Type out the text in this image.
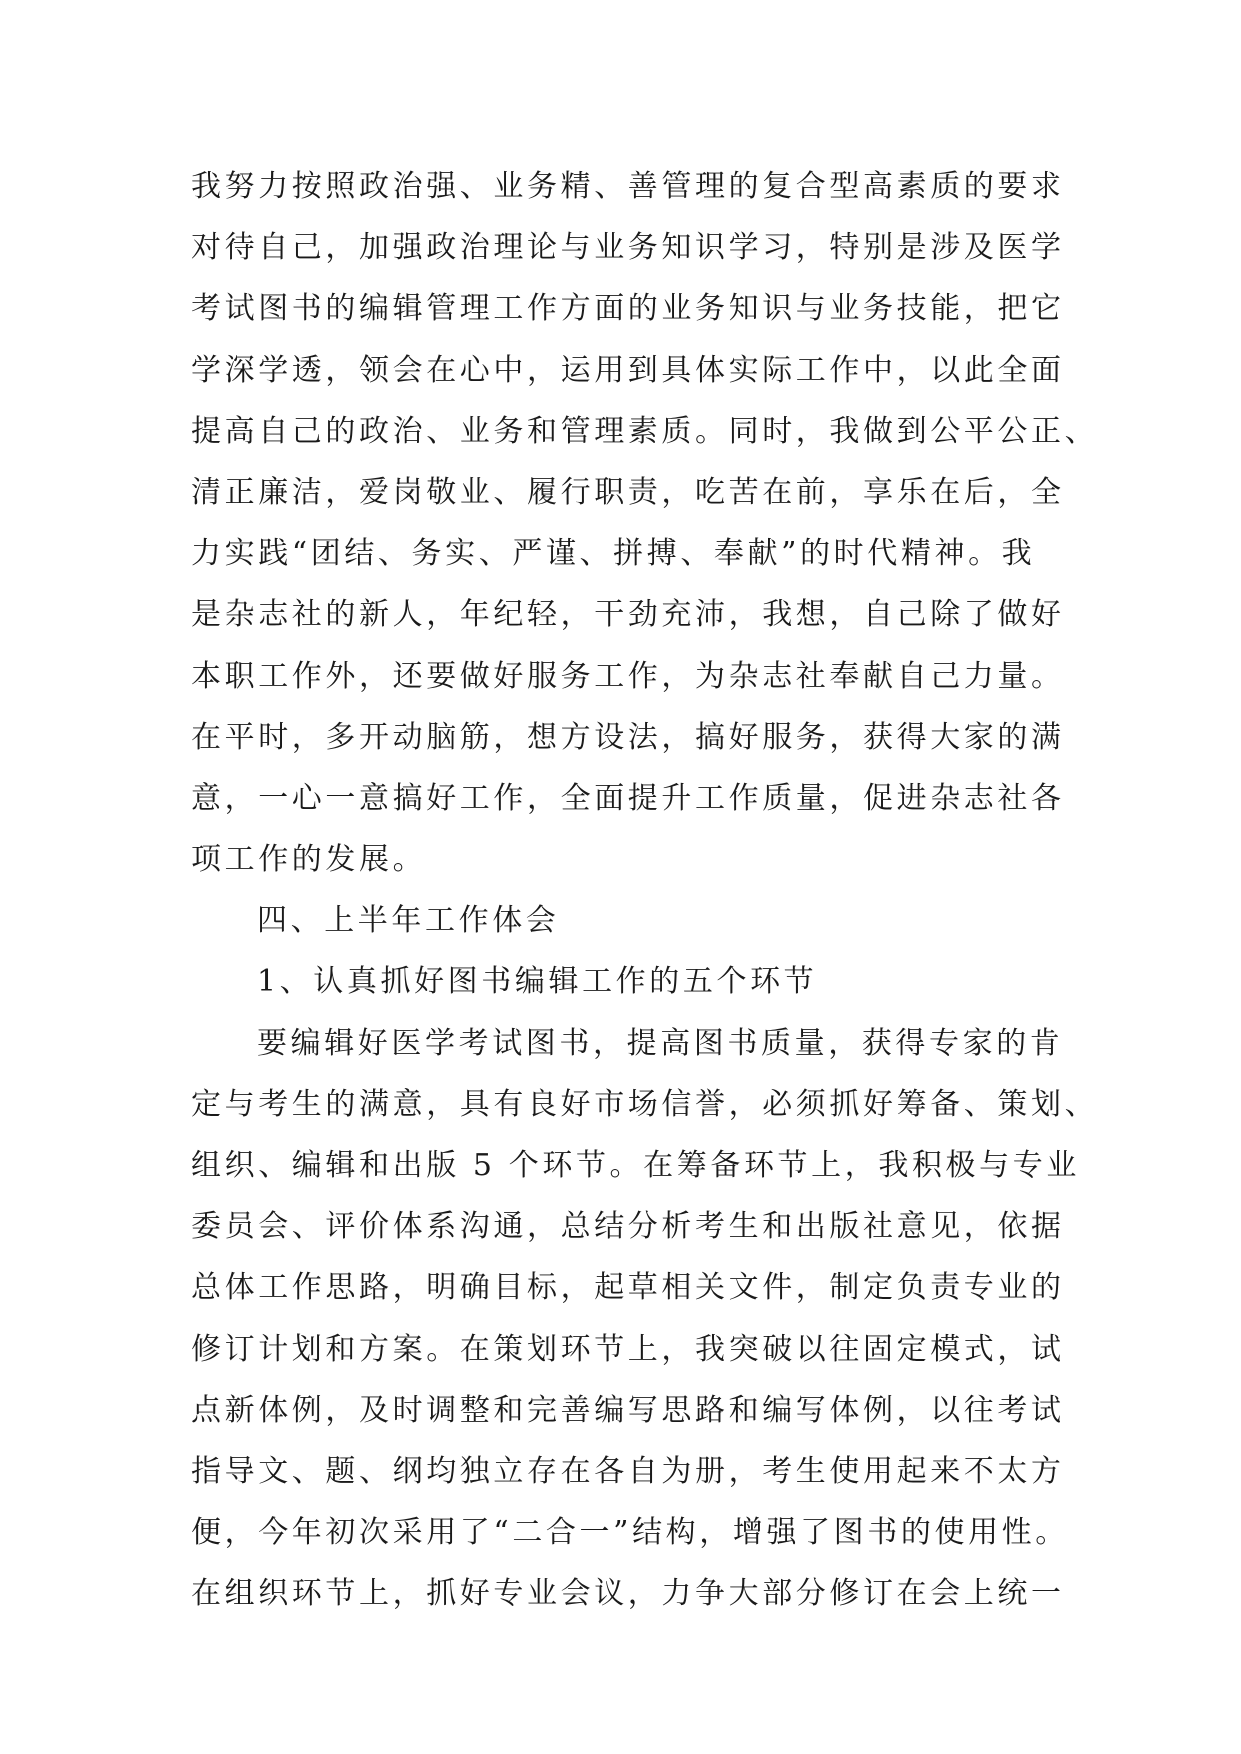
我努力按照政治强、业务精、善管理的复合型高素质的要求
对待自己，加强政治理论与业务知识学习，特别是涉及医学
考试图书的编辑管理工作方面的业务知识与业务技能，把它
学深学透，领会在心中，运用到具体实际工作中，以此全面
提高自己的政治、业务和管理素质。同时，我做到公平公正、
清正廉洁，爱岗敬业、履行职责，吃苦在前，享乐在后，全
力实践“团结、务实、严谨、拼搏、奉献”的时代精神。我
是杂志社的新人，年纪轻，干劲充沛，我想，自己除了做好
本职工作外，还要做好服务工作，为杂志社奉献自己力量。
在平时，多开动脑筋，想方设法，搞好服务，获得大家的满
意，一心一意搞好工作，全面提升工作质量，促进杂志社各
项工作的发展。
四、上半年工作体会
1、认真抓好图书编辑工作的五个环节
要编辑好医学考试图书，提高图书质量，获得专家的肯
定与考生的满意，具有良好市场信誉，必须抓好筹备、策划、
组织、编辑和出版 5 个环节。在筹备环节上，我积极与专业
委员会、评价体系沟通，总结分析考生和出版社意见，依据
总体工作思路，明确目标，起草相关文件，制定负责专业的
修订计划和方案。在策划环节上，我突破以往固定模式，试
点新体例，及时调整和完善编写思路和编写体例，以往考试
指导文、题、纲均独立存在各自为册，考生使用起来不太方
便，今年初次采用了“二合一”结构，增强了图书的使用性。
在组织环节上，抓好专业会议，力争大部分修订在会上统一
